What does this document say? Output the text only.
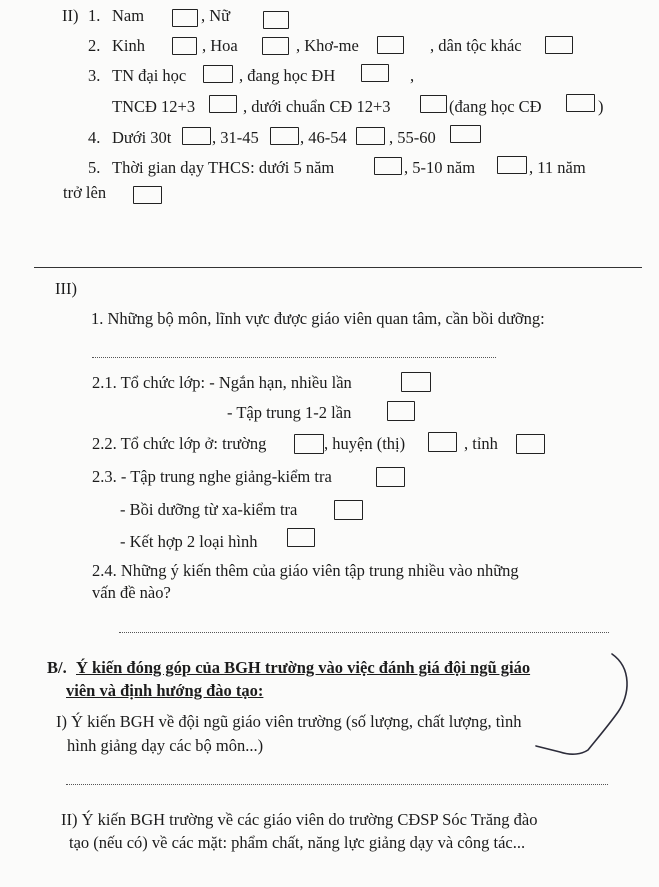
II) 1. Nam	, Nữ
2. Kinh	, Hoa	, Khơ-me	, dân tộc khác
3. TN đại học	, đang học ĐH	,
TNCĐ 12+3	, dưới chuẩn CĐ 12+3	(đang học CĐ	)
4. Dưới 30t , 31-45	, 46-54	, 55-60
5. Thời gian dạy THCS: dưới 5 năm	, 5-10 năm	, 11 năm
trở lên
III)
1. Những bộ môn, lĩnh vực được giáo viên quan tâm, cần bồi dưỡng:
2.1. Tổ chức lớp: - Ngắn hạn, nhiều lần
- Tập trung 1-2 lần
2.2. Tổ chức lớp ở: trường	, huyện (thị)	, tỉnh
2.3. - Tập trung nghe giảng-kiểm tra
- Bồi dưỡng từ xa-kiểm tra
- Kết hợp 2 loại hình
2.4. Những ý kiến thêm của giáo viên tập trung nhiều vào những
vấn đề nào?
B/. Ý kiến đóng góp của BGH trường vào việc đánh giá đội ngũ giáo
viên và định hướng đào tạo:
I) Ý kiến BGH về đội ngũ giáo viên trường (số lượng, chất lượng, tình
hình giảng dạy các bộ môn...)
II) Ý kiến BGH trường về các giáo viên do trường CĐSP Sóc Trăng đào
tạo (nếu có) về các mặt: phẩm chất, năng lực giảng dạy và công tác...
